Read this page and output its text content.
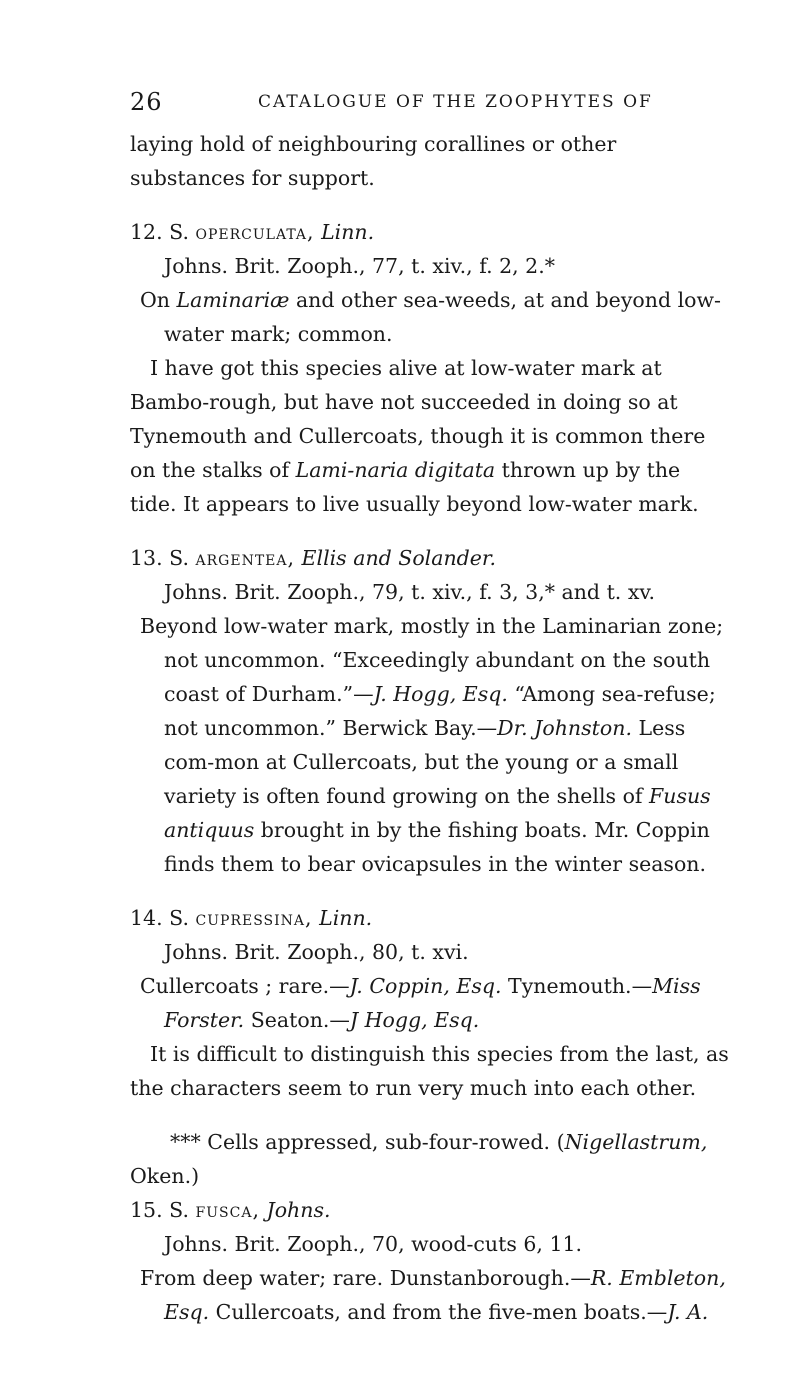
26	CATALOGUE OF THE ZOOPHYTES OF

laying hold of neighbouring corallines or other substances for support.

12. S. operculata, Linn.

Johns. Brit. Zooph., 77, t. xiv., f. 2, 2.*

On Laminariæ and other sea-weeds, at and beyond low-water mark; common.

I have got this species alive at low-water mark at Bambo-rough, but have not succeeded in doing so at Tynemouth and Cullercoats, though it is common there on the stalks of Lami-naria digitata thrown up by the tide. It appears to live usually beyond low-water mark.

13. S. argentea, Ellis and Solander.

Johns. Brit. Zooph., 79, t. xiv., f. 3, 3,* and t. xv.

Beyond low-water mark, mostly in the Laminarian zone; not uncommon. “Exceedingly abundant on the south coast of Durham.”—J. Hogg, Esq. “Among sea-refuse; not uncommon.” Berwick Bay.—Dr. Johnston. Less com-mon at Cullercoats, but the young or a small variety is often found growing on the shells of Fusus antiquus brought in by the fishing boats. Mr. Coppin finds them to bear ovicapsules in the winter season.

14. S. cupressina, Linn.

Johns. Brit. Zooph., 80, t. xvi.

Cullercoats ; rare.—J. Coppin, Esq. Tynemouth.—Miss Forster. Seaton.—J Hogg, Esq.

It is difficult to distinguish this species from the last, as the characters seem to run very much into each other.

*** Cells appressed, sub-four-rowed. (Nigellastrum, Oken.)

15. S. fusca, Johns.

Johns. Brit. Zooph., 70, wood-cuts 6, 11.

From deep water; rare. Dunstanborough.—R. Embleton, Esq. Cullercoats, and from the five-men boats.—J. A.
